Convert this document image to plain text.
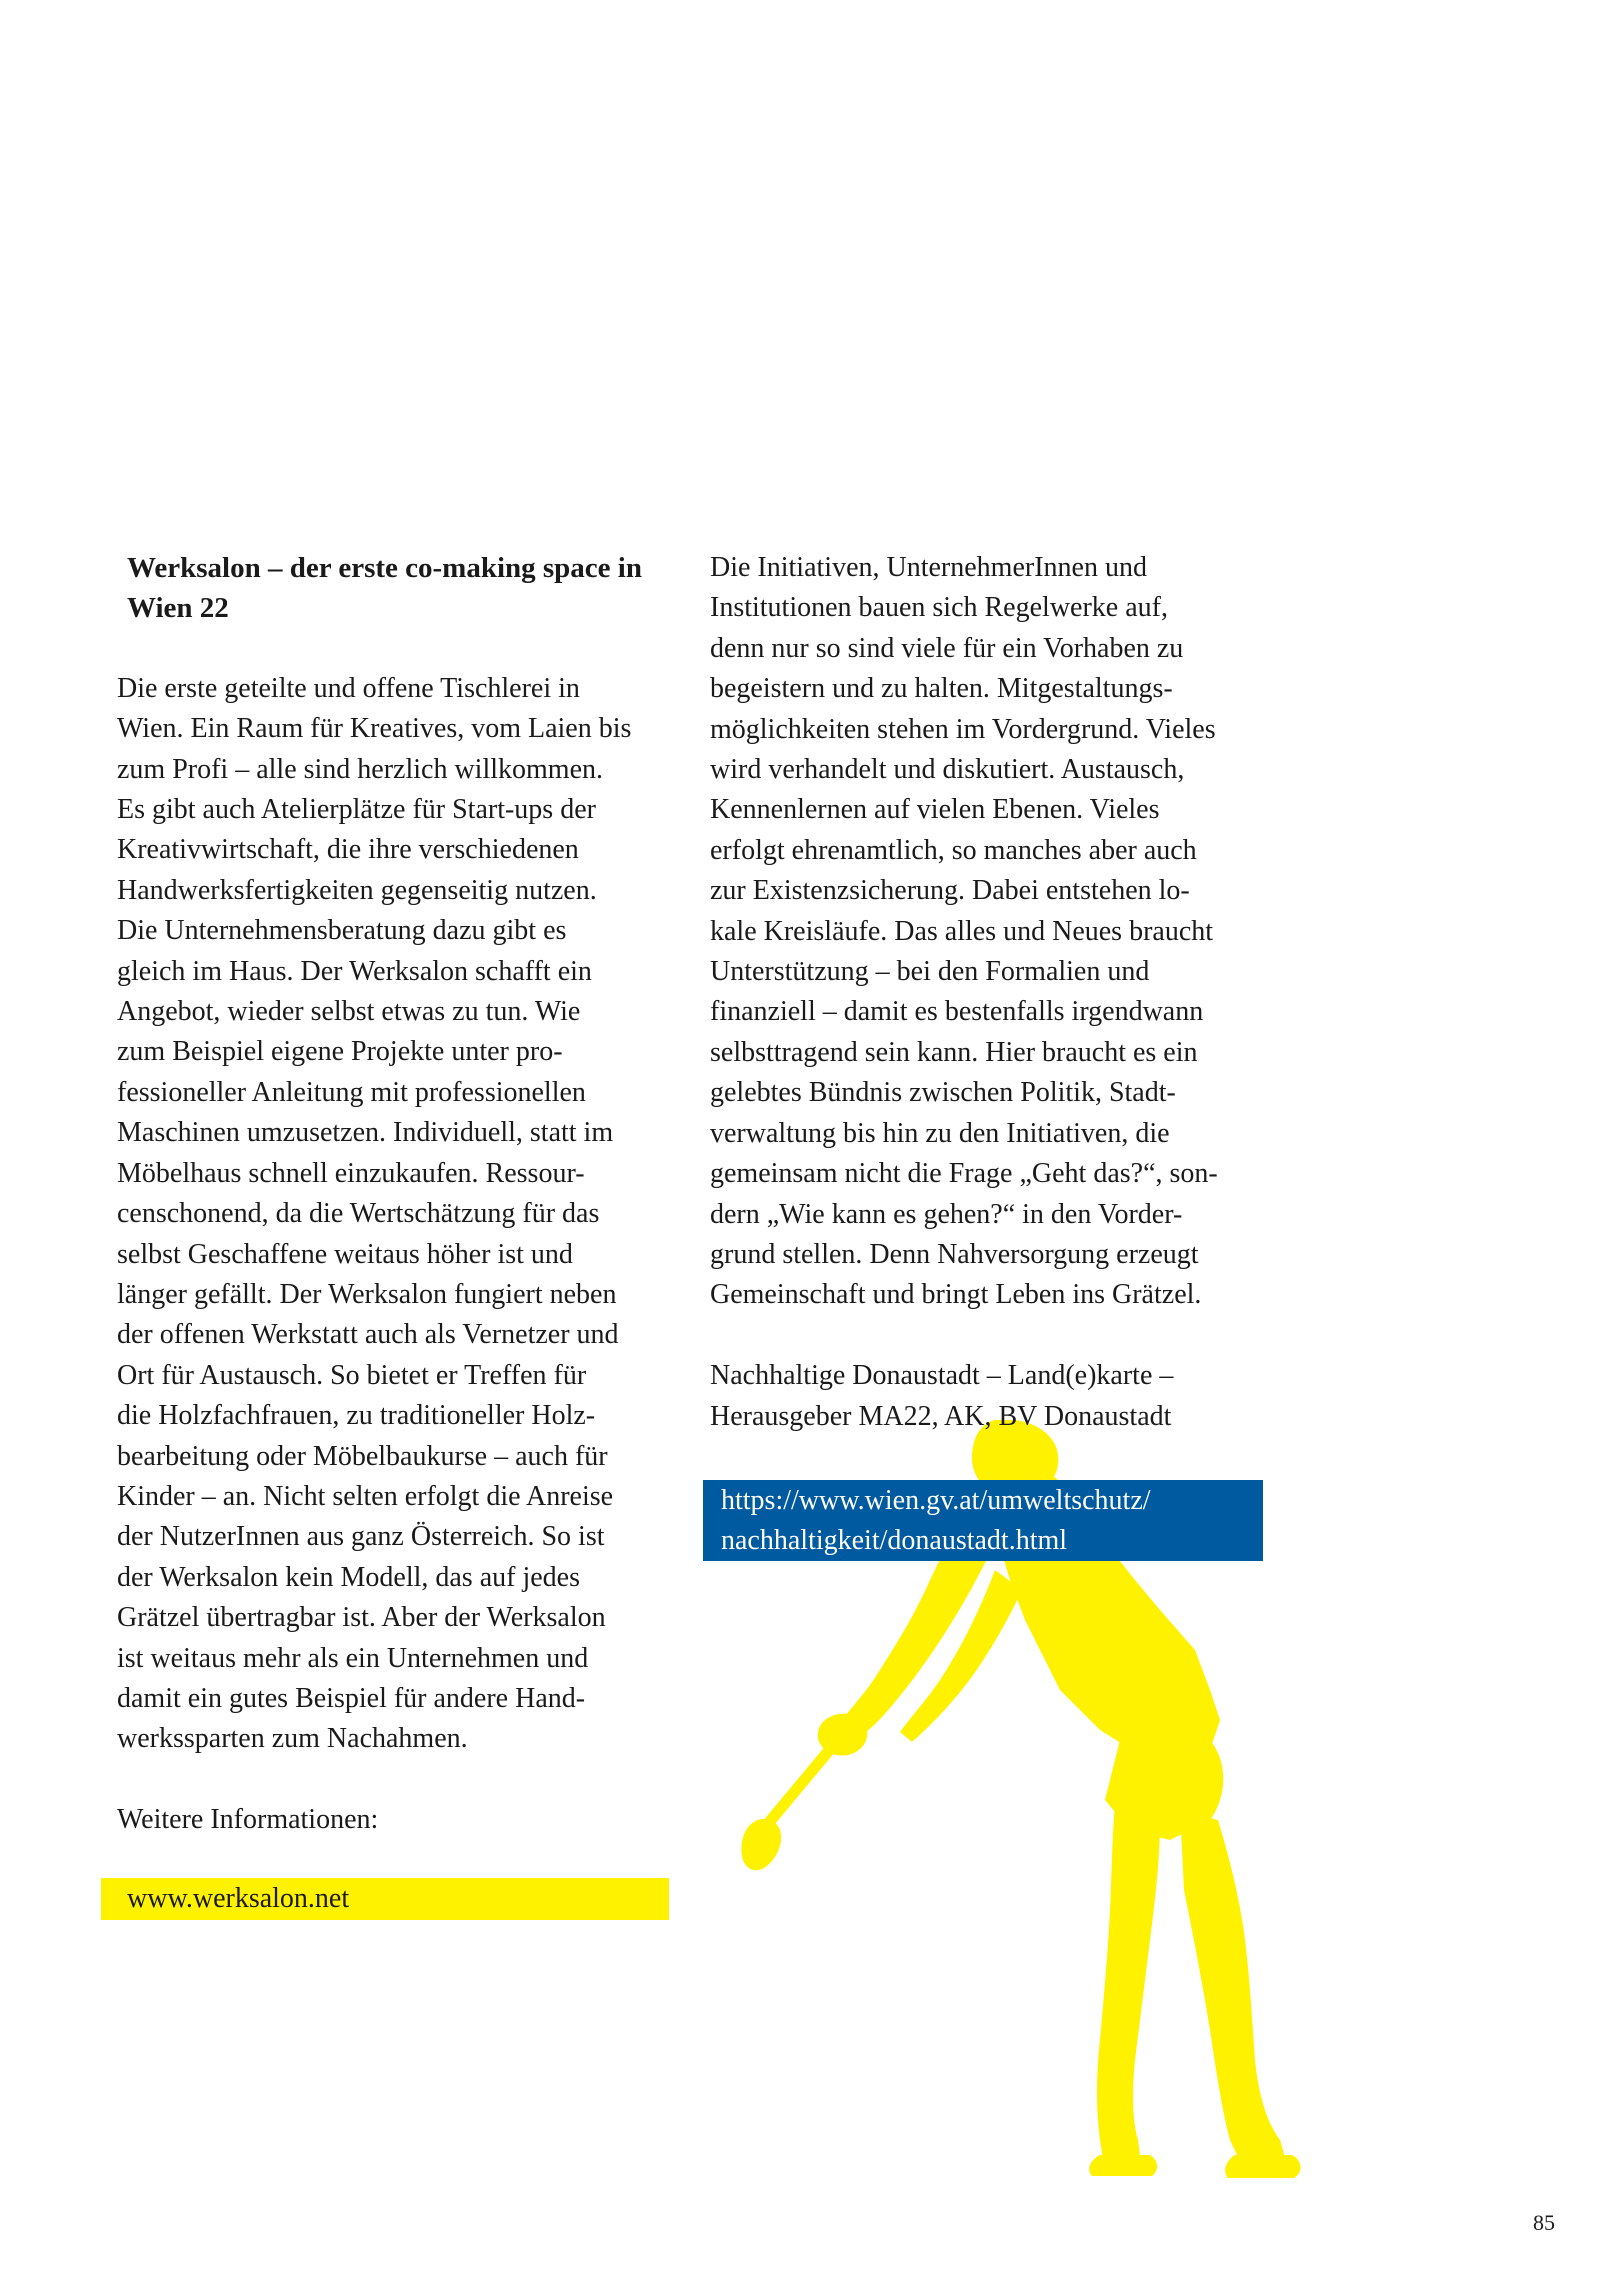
Werksalon – der erste co-making space in Wien 22

Die erste geteilte und offene Tischlerei in
Wien. Ein Raum für Kreatives, vom Laien bis
zum Profi – alle sind herzlich willkommen.
Es gibt auch Atelierplätze für Start-ups der
Kreativwirtschaft, die ihre verschiedenen
Handwerksfertigkeiten gegenseitig nutzen.
Die Unternehmensberatung dazu gibt es
gleich im Haus. Der Werksalon schafft ein
Angebot, wieder selbst etwas zu tun. Wie
zum Beispiel eigene Projekte unter pro-
fessioneller Anleitung mit professionellen
Maschinen umzusetzen. Individuell, statt im
Möbelhaus schnell einzukaufen. Ressour-
censchonend, da die Wertschätzung für das
selbst Geschaffene weitaus höher ist und
länger gefällt. Der Werksalon fungiert neben
der offenen Werkstatt auch als Vernetzer und
Ort für Austausch. So bietet er Treffen für
die Holzfachfrauen, zu traditioneller Holz-
bearbeitung oder Möbelbaukurse – auch für
Kinder – an. Nicht selten erfolgt die Anreise
der NutzerInnen aus ganz Österreich. So ist
der Werksalon kein Modell, das auf jedes
Grätzel übertragbar ist. Aber der Werksalon
ist weitaus mehr als ein Unternehmen und
damit ein gutes Beispiel für andere Hand-
werkssparten zum Nachahmen.

Weitere Informationen:

www.werksalon.net

Die Initiativen, UnternehmerInnen und
Institutionen bauen sich Regelwerke auf,
denn nur so sind viele für ein Vorhaben zu
begeistern und zu halten. Mitgestaltungs-
möglichkeiten stehen im Vordergrund. Vieles
wird verhandelt und diskutiert. Austausch,
Kennenlernen auf vielen Ebenen. Vieles
erfolgt ehrenamtlich, so manches aber auch
zur Existenzsicherung. Dabei entstehen lo-
kale Kreisläufe. Das alles und Neues braucht
Unterstützung – bei den Formalien und
finanziell – damit es bestenfalls irgendwann
selbsttragend sein kann. Hier braucht es ein
gelebtes Bündnis zwischen Politik, Stadt-
verwaltung bis hin zu den Initiativen, die
gemeinsam nicht die Frage „Geht das?“, son-
dern „Wie kann es gehen?“ in den Vorder-
grund stellen. Denn Nahversorgung erzeugt
Gemeinschaft und bringt Leben ins Grätzel.

Nachhaltige Donaustadt – Land(e)karte –
Herausgeber MA22, AK, BV Donaustadt

https://www.wien.gv.at/umweltschutz/
nachhaltigkeit/donaustadt.html
85
